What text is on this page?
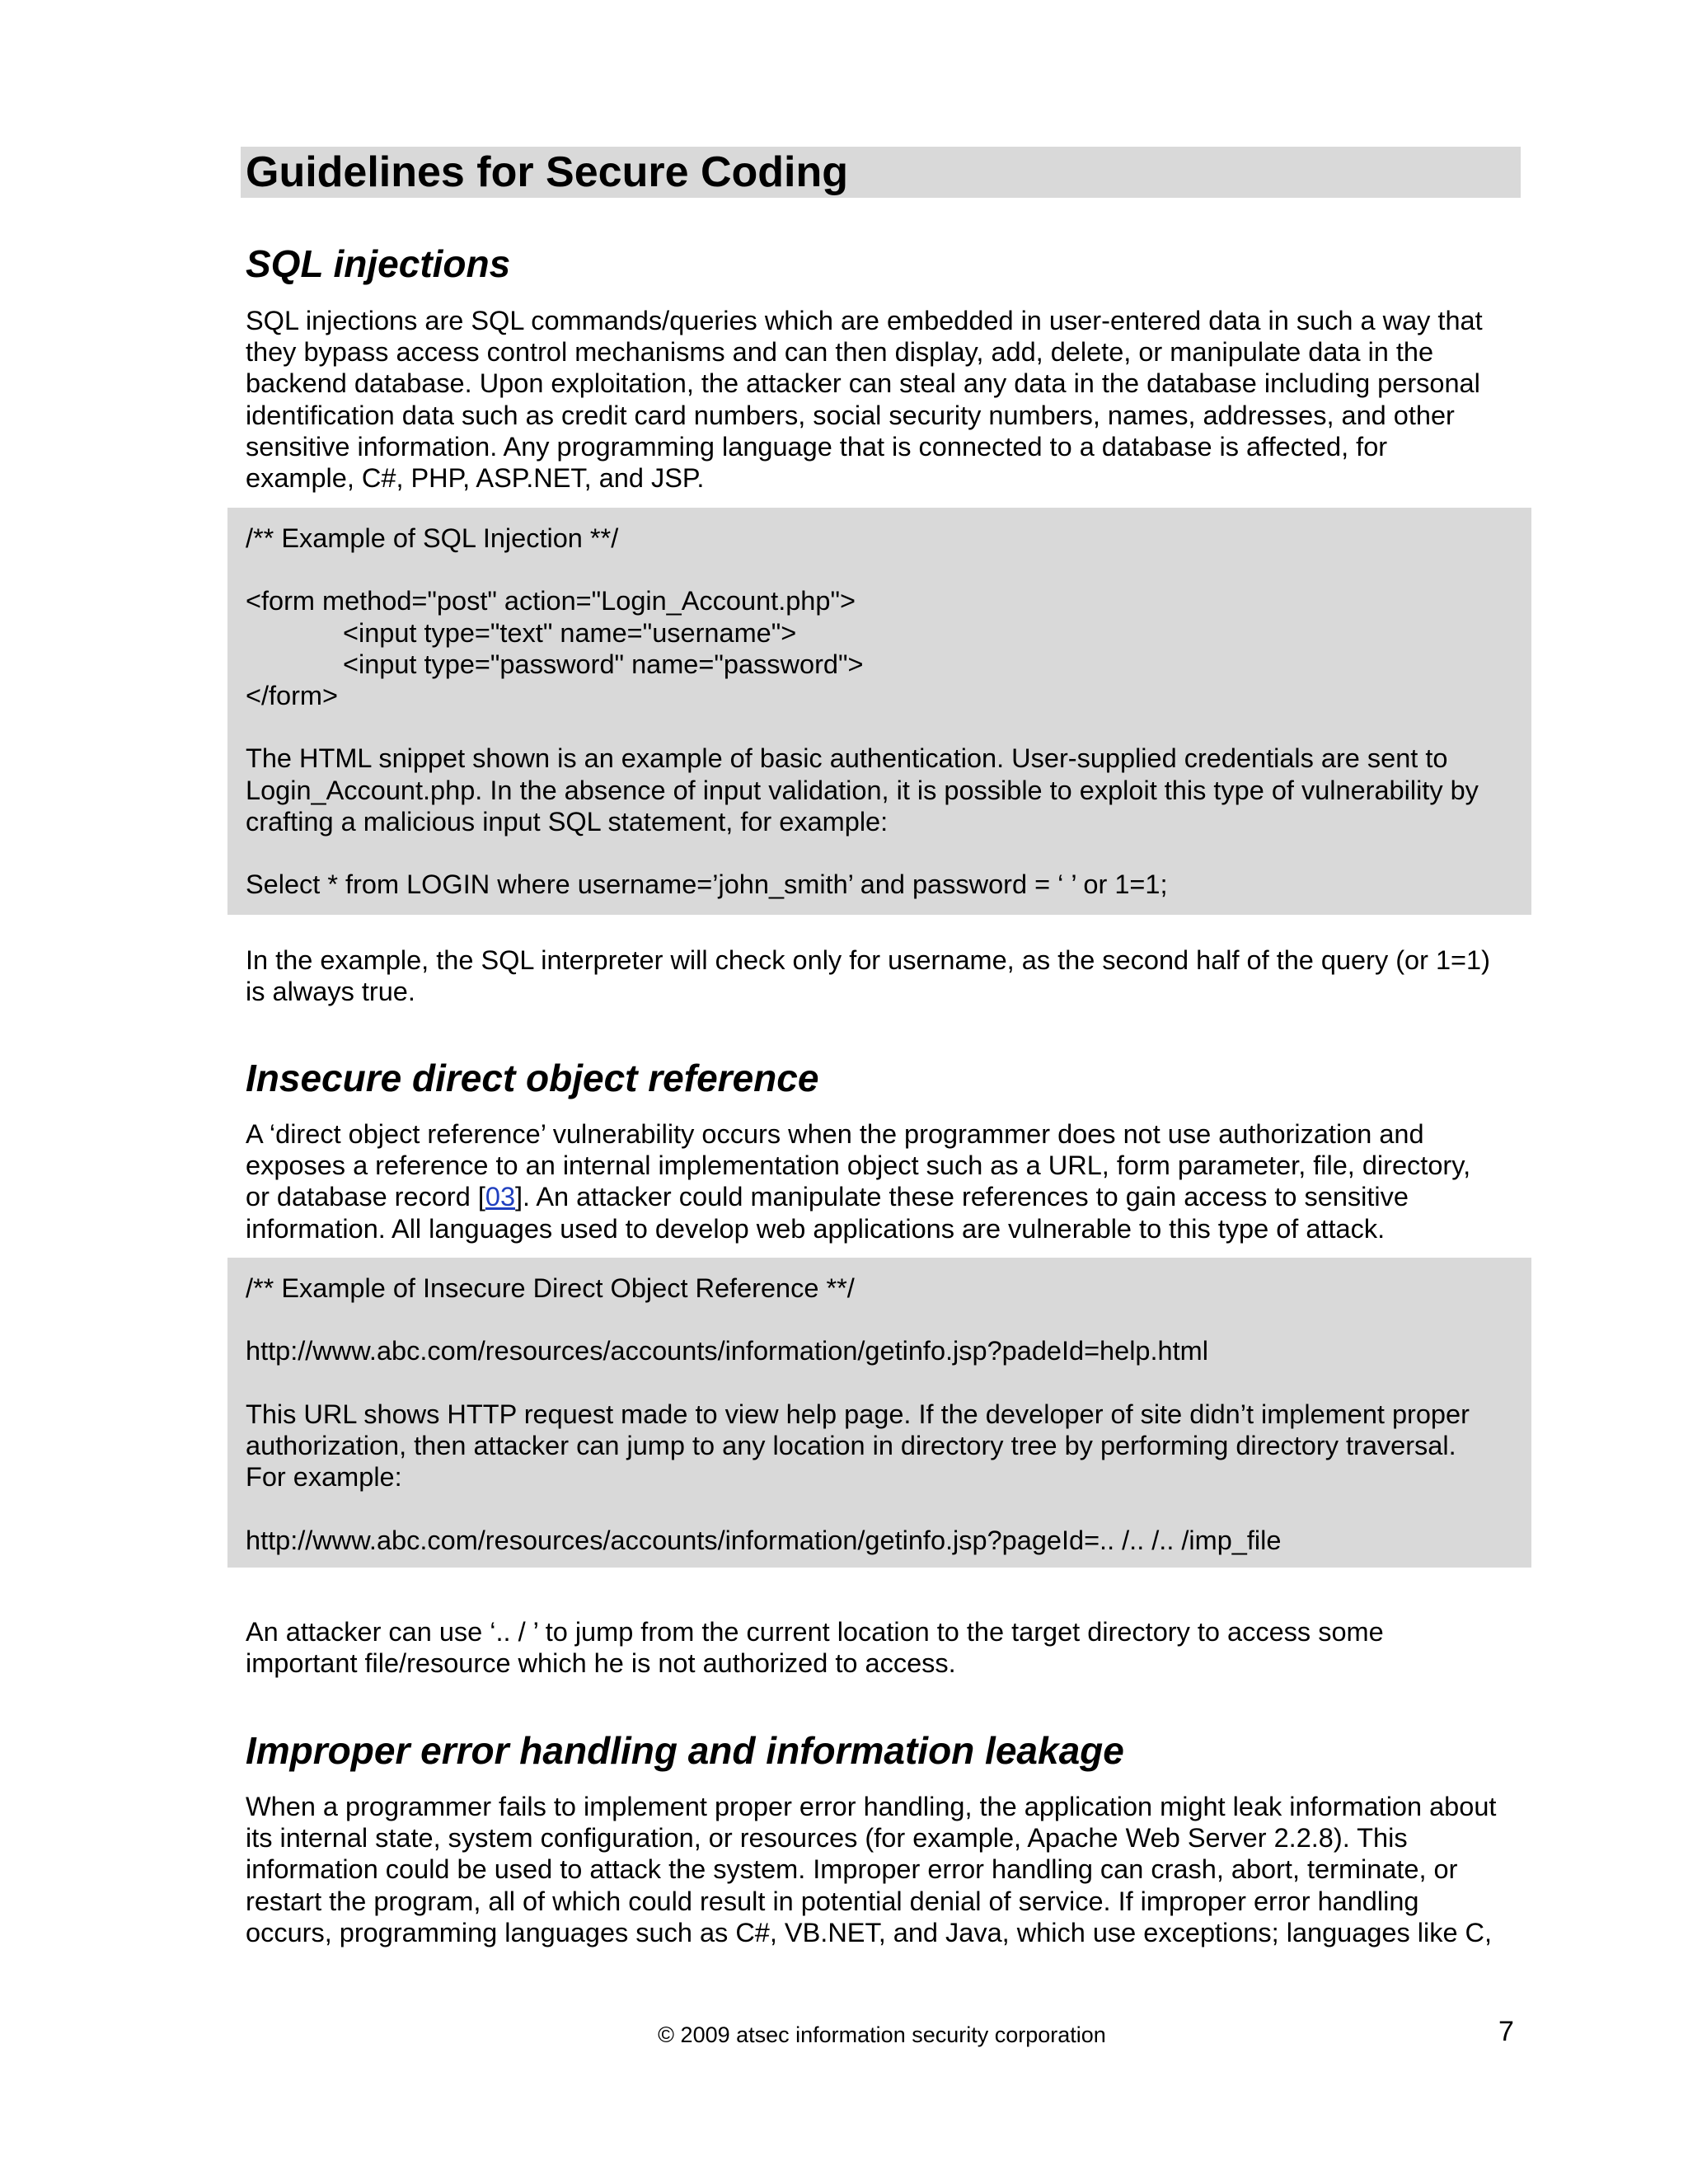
Guidelines for Secure Coding
SQL injections

SQL injections are SQL commands/queries which are embedded in user-entered data in such a way that
they bypass access control mechanisms and can then display, add, delete, or manipulate data in the
backend database. Upon exploitation, the attacker can steal any data in the database including personal
identification data such as credit card numbers, social security numbers, names, addresses, and other
sensitive information. Any programming language that is connected to a database is affected, for
example, C#, PHP, ASP.NET, and JSP.

/** Example of SQL Injection **/
<form method="post" action="Login_Account.php">
<input type="text" name="username">
<input type="password" name="password">
</form>
The HTML snippet shown is an example of basic authentication. User-supplied credentials are sent to
Login_Account.php. In the absence of input validation, it is possible to exploit this type of vulnerability by
crafting a malicious input SQL statement, for example:
Select * from LOGIN where username=’john_smith’ and password = ‘ ’ or 1=1;

In the example, the SQL interpreter will check only for username, as the second half of the query (or 1=1)
is always true.

Insecure direct object reference

A ‘direct object reference’ vulnerability occurs when the programmer does not use authorization and
exposes a reference to an internal implementation object such as a URL, form parameter, file, directory,
or database record [03]. An attacker could manipulate these references to gain access to sensitive
information. All languages used to develop web applications are vulnerable to this type of attack.

/** Example of Insecure Direct Object Reference **/
http://www.abc.com/resources/accounts/information/getinfo.jsp?padeId=help.html
This URL shows HTTP request made to view help page. If the developer of site didn’t implement proper
authorization, then attacker can jump to any location in directory tree by performing directory traversal.
For example:
http://www.abc.com/resources/accounts/information/getinfo.jsp?pageId=.. /.. /.. /imp_file

An attacker can use ‘.. / ’ to jump from the current location to the target directory to access some
important file/resource which he is not authorized to access.

Improper error handling and information leakage

When a programmer fails to implement proper error handling, the application might leak information about
its internal state, system configuration, or resources (for example, Apache Web Server 2.2.8). This
information could be used to attack the system. Improper error handling can crash, abort, terminate, or
restart the program, all of which could result in potential denial of service. If improper error handling
occurs, programming languages such as C#, VB.NET, and Java, which use exceptions; languages like C,

© 2009 atsec information security corporation	7
